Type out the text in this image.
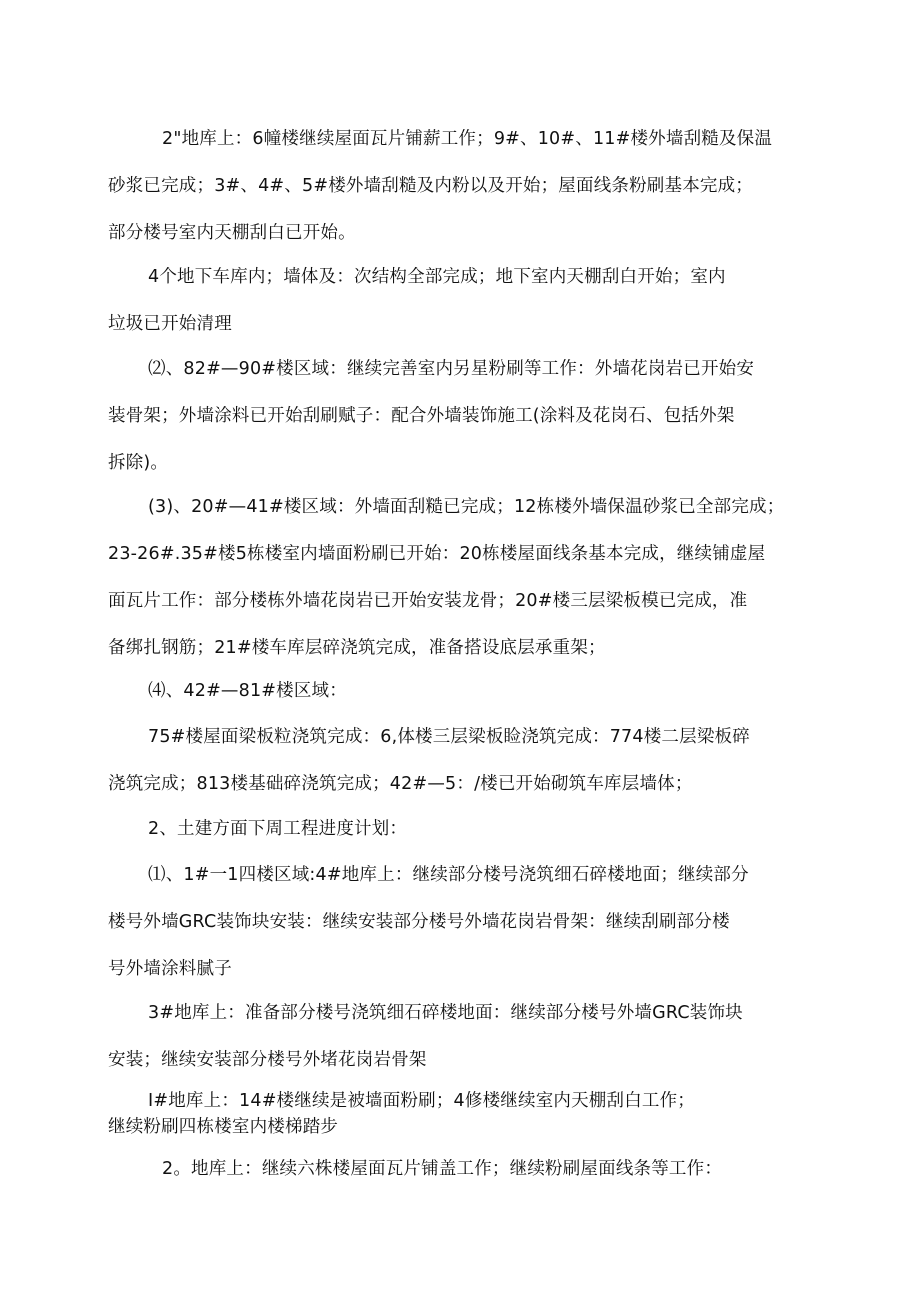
2"地库上：6幢楼继续屋面瓦片铺薪工作；9#、10#、11#楼外墙刮糙及保温
砂浆已完成；3#、4#、5#楼外墙刮糙及内粉以及开始；屋面线条粉刷基本完成；
部分楼号室内天棚刮白已开始。

4个地下车库内；墙体及：次结构全部完成；地下室内天棚刮白开始；室内
垃圾已开始清理

⑵、82#—90#楼区域：继续完善室内另星粉刷等工作：外墙花岗岩已开始安
装骨架；外墙涂料已开始刮刷赋子：配合外墙装饰施工(涂料及花岗石、包括外架
拆除)。

(3)、20#—41#楼区域：外墙面刮糙已完成；12栋楼外墙保温砂浆已全部完成；
23-26#.35#楼5栋楼室内墙面粉刷已开始：20栋楼屋面线条基本完成，继续铺虚屋
面瓦片工作：部分楼栋外墙花岗岩已开始安装龙骨；20#楼三层梁板模已完成，准
备绑扎钢筋；21#楼车库层碎浇筑完成，准备搭设底层承重架；

⑷、42#—81#楼区域：

75#楼屋面梁板粒浇筑完成：6,体楼三层梁板睑浇筑完成：774楼二层梁板碎
浇筑完成；813楼基础碎浇筑完成；42#—5：/楼已开始砌筑车库层墙体；

2、土建方面下周工程进度计划：

⑴、1#一1四楼区域:4#地库上：继续部分楼号浇筑细石碎楼地面；继续部分
楼号外墙GRC装饰块安装：继续安装部分楼号外墙花岗岩骨架：继续刮刷部分楼
号外墙涂料腻子

3#地库上：准备部分楼号浇筑细石碎楼地面：继续部分楼号外墙GRC装饰块
安装；继续安装部分楼号外堵花岗岩骨架

I#地库上：14#楼继续是被墙面粉刷；4修楼继续室内天棚刮白工作；
继续粉刷四栋楼室内楼梯踏步

2。地库上：继续六株楼屋面瓦片铺盖工作；继续粉刷屋面线条等工作：
